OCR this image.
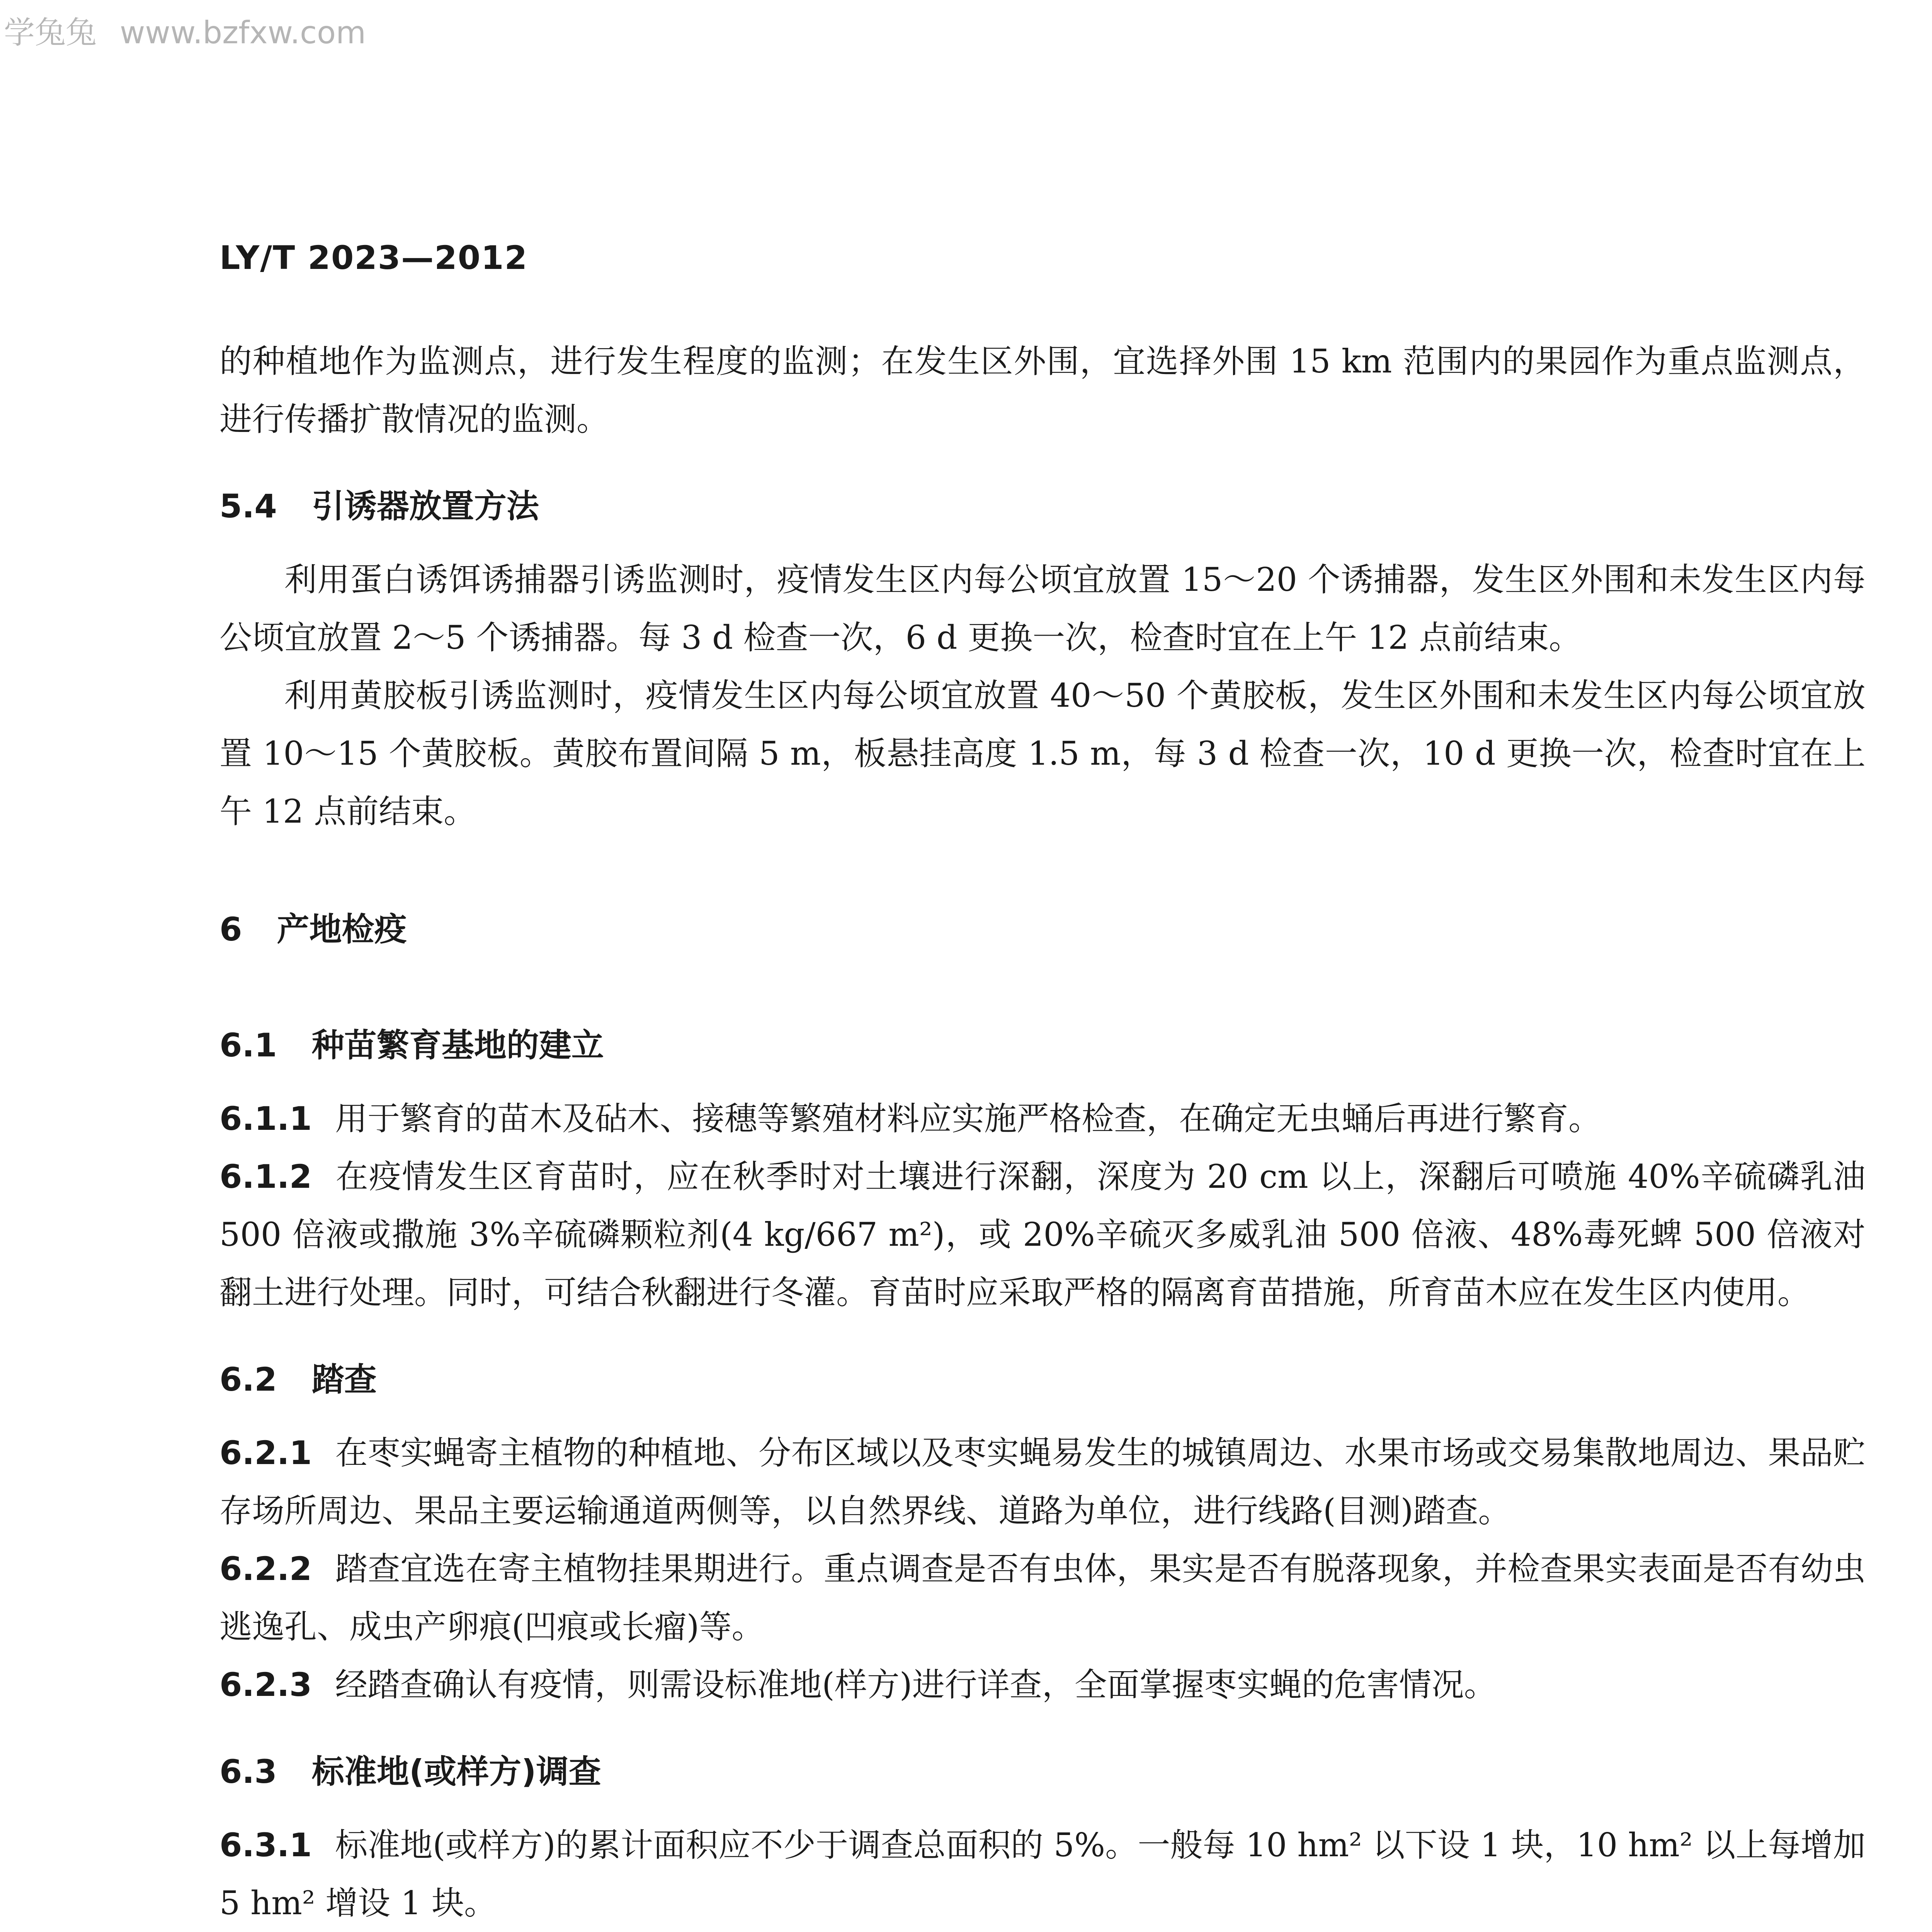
学兔兔 www.bzfxw.com
LY/T 2023—2012

的种植地作为监测点，进行发生程度的监测；在发生区外围，宜选择外围 15 km 范围内的果园作为重点监测点，进行传播扩散情况的监测。

5.4 引诱器放置方法

利用蛋白诱饵诱捕器引诱监测时，疫情发生区内每公顷宜放置 15～20 个诱捕器，发生区外围和未发生区内每公顷宜放置 2～5 个诱捕器。每 3 d 检查一次，6 d 更换一次，检查时宜在上午 12 点前结束。

利用黄胶板引诱监测时，疫情发生区内每公顷宜放置 40～50 个黄胶板，发生区外围和未发生区内每公顷宜放置 10～15 个黄胶板。黄胶布置间隔 5 m，板悬挂高度 1.5 m，每 3 d 检查一次，10 d 更换一次，检查时宜在上午 12 点前结束。

6 产地检疫
6.1 种苗繁育基地的建立

6.1.1 用于繁育的苗木及砧木、接穗等繁殖材料应实施严格检查，在确定无虫蛹后再进行繁育。

6.1.2 在疫情发生区育苗时，应在秋季时对土壤进行深翻，深度为 20 cm 以上，深翻后可喷施 40%辛硫磷乳油 500 倍液或撒施 3%辛硫磷颗粒剂(4 kg/667 m²)，或 20%辛硫灭多威乳油 500 倍液、48%毒死蜱 500 倍液对翻土进行处理。同时，可结合秋翻进行冬灌。育苗时应采取严格的隔离育苗措施，所育苗木应在发生区内使用。

6.2 踏查

6.2.1 在枣实蝇寄主植物的种植地、分布区域以及枣实蝇易发生的城镇周边、水果市场或交易集散地周边、果品贮存场所周边、果品主要运输通道两侧等，以自然界线、道路为单位，进行线路(目测)踏查。

6.2.2 踏查宜选在寄主植物挂果期进行。重点调查是否有虫体，果实是否有脱落现象，并检查果实表面是否有幼虫逃逸孔、成虫产卵痕(凹痕或长瘤)等。

6.2.3 经踏查确认有疫情，则需设标准地(样方)进行详查，全面掌握枣实蝇的危害情况。

6.3 标准地(或样方)调查

6.3.1 标准地(或样方)的累计面积应不少于调查总面积的 5%。一般每 10 hm² 以下设 1 块，10 hm² 以上每增加 5 hm² 增设 1 块。
